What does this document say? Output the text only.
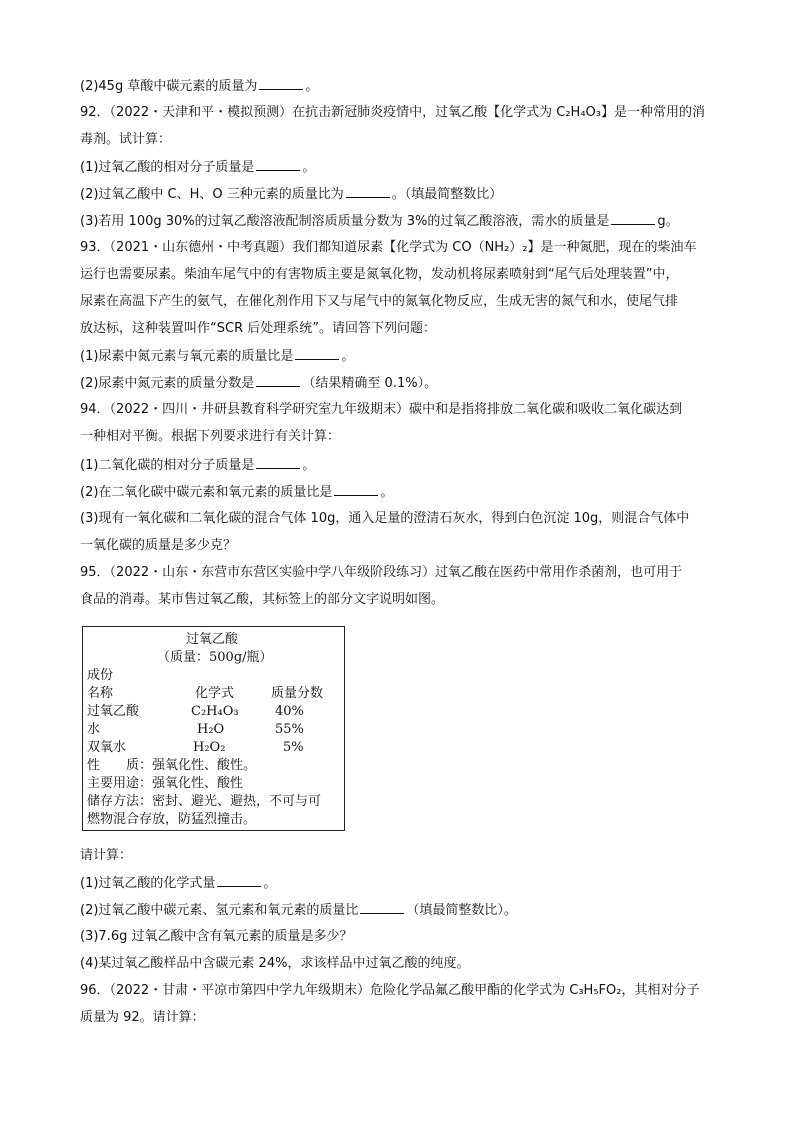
(2)45g 草酸中碳元素的质量为	。
92．（2022・天津和平・模拟预测）在抗击新冠肺炎疫情中，过氧乙酸【化学式为 C₂H₄O₃】是一种常用的消
毒剂。试计算：
(1)过氧乙酸的相对分子质量是	。
(2)过氧乙酸中 C、H、O 三种元素的质量比为	。（填最简整数比）
(3)若用 100g 30%的过氧乙酸溶液配制溶质质量分数为 3%的过氧乙酸溶液，需水的质量是	g。
93．（2021・山东德州・中考真题）我们都知道尿素【化学式为 CO（NH₂）₂】是一种氮肥，现在的柴油车
运行也需要尿素。柴油车尾气中的有害物质主要是氮氧化物，发动机将尿素喷射到“尾气后处理装置”中，
尿素在高温下产生的氨气，在催化剂作用下又与尾气中的氮氧化物反应，生成无害的氮气和水，使尾气排
放达标，这种装置叫作“SCR 后处理系统”。请回答下列问题：
(1)尿素中氮元素与氧元素的质量比是	。
(2)尿素中氮元素的质量分数是	（结果精确至 0.1%）。
94．（2022・四川・井研县教育科学研究室九年级期末）碳中和是指将排放二氧化碳和吸收二氧化碳达到
一种相对平衡。根据下列要求进行有关计算：
(1)二氧化碳的相对分子质量是	。
(2)在二氧化碳中碳元素和氧元素的质量比是	。
(3)现有一氧化碳和二氧化碳的混合气体 10g，通入足量的澄清石灰水，得到白色沉淀 10g，则混合气体中
一氧化碳的质量是多少克？
95．（2022・山东・东营市东营区实验中学八年级阶段练习）过氧乙酸在医药中常用作杀菌剂，也可用于
食品的消毒。某市售过氧乙酸，其标签上的部分文字说明如图。
过氧乙酸
（质量：500g/瓶）
成份
名称	化学式	质量分数
过氧乙酸	C₂H₄O₃	40%
水	H₂O	55%
双氧水	H₂O₂	5%
性　　质：强氧化性、酸性。
主要用途：强氧化性、酸性
储存方法：密封、避光、避热，不可与可
燃物混合存放，防猛烈撞击。
请计算：
(1)过氧乙酸的化学式量	。
(2)过氧乙酸中碳元素、氢元素和氧元素的质量比	（填最简整数比）。
(3)7.6g 过氧乙酸中含有氧元素的质量是多少？
(4)某过氧乙酸样品中含碳元素 24%，求该样品中过氧乙酸的纯度。
96．（2022・甘肃・平凉市第四中学九年级期末）危险化学品氟乙酸甲酯的化学式为 C₃H₅FO₂，其相对分子
质量为 92。请计算：
